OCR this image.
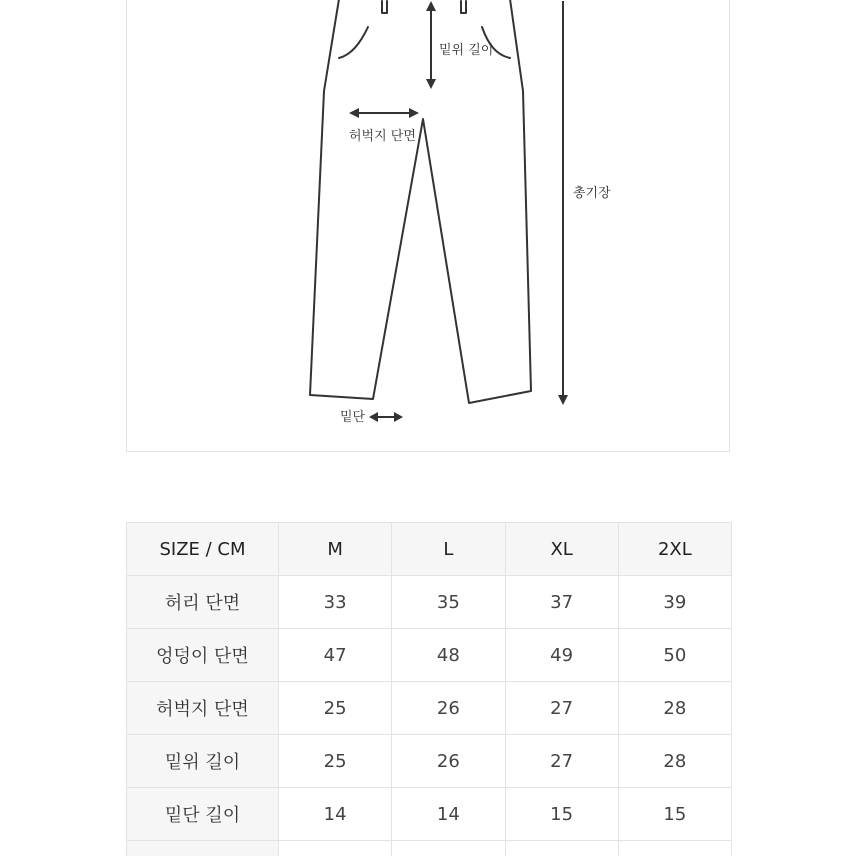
밑위 길이
허벅지 단면
총기장
밑단
SIZE / CM	M	L	XL	2XL
허리 단면	33	35	37	39
엉덩이 단면	47	48	49	50
허벅지 단면	25	26	27	28
밑위 길이	25	26	27	28
밑단 길이	14	14	15	15
